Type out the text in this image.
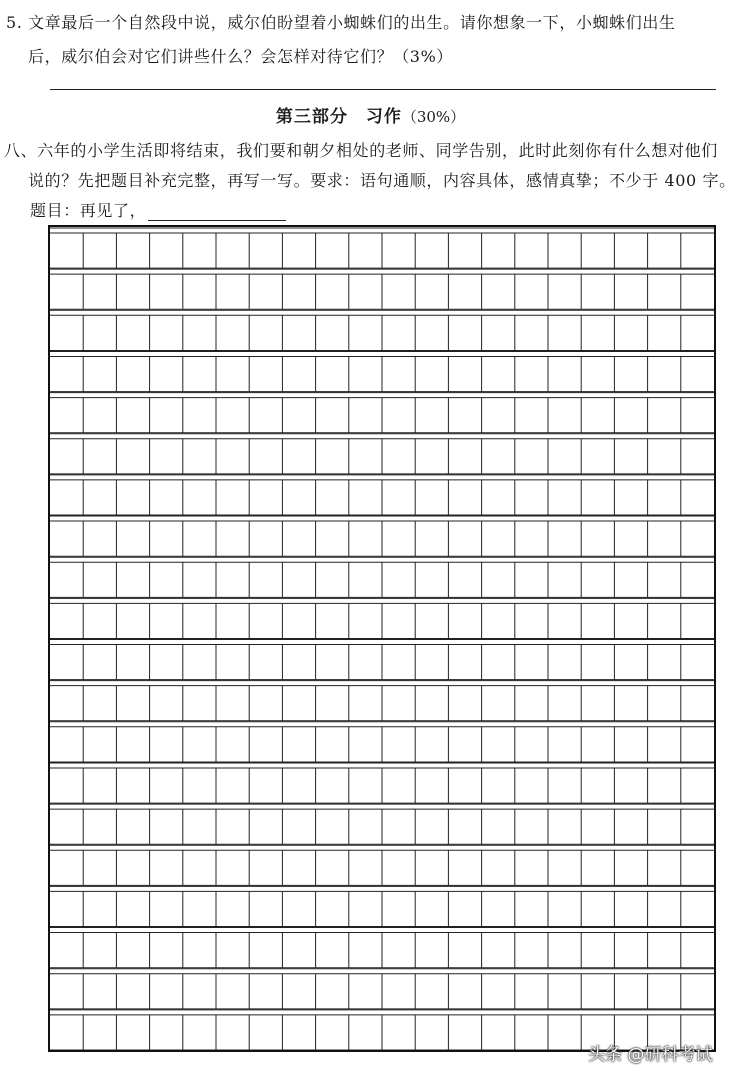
5. 文章最后一个自然段中说，威尔伯盼望着小蜘蛛们的出生。请你想象一下，小蜘蛛们出生
后，威尔伯会对它们讲些什么？会怎样对待它们？（3%）
第三部分　习作（30%）
八、六年的小学生活即将结束，我们要和朝夕相处的老师、同学告别，此时此刻你有什么想对他们
说的？先把题目补充完整，再写一写。要求：语句通顺，内容具体，感情真挚；不少于 400 字。
题目：再见了，
头条 @研科考试
